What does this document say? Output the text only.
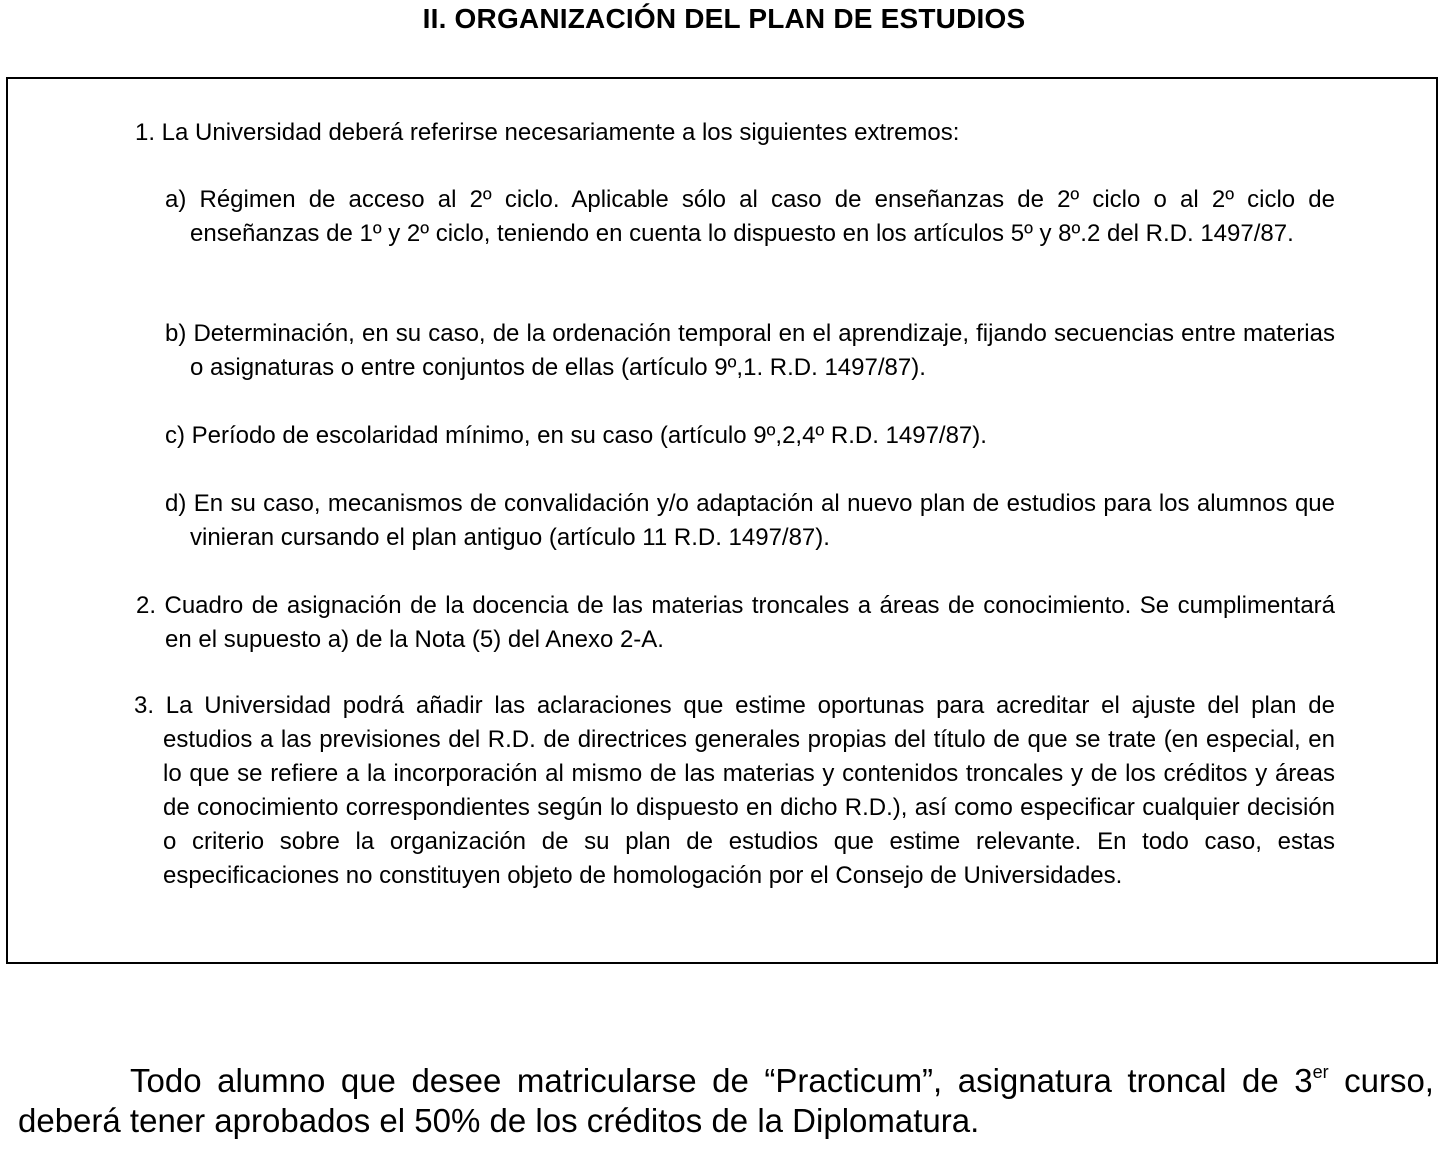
II. ORGANIZACIÓN DEL PLAN DE ESTUDIOS
1. La Universidad deberá referirse necesariamente a los siguientes extremos:
a) Régimen de acceso al 2º ciclo. Aplicable sólo al caso de enseñanzas de 2º ciclo o al 2º ciclo de enseñanzas de 1º y 2º ciclo, teniendo en cuenta lo dispuesto en los artículos 5º y 8º.2 del R.D. 1497/87.
b) Determinación, en su caso, de la ordenación temporal en el aprendizaje, fijando secuencias entre materias o asignaturas o entre conjuntos de ellas (artículo 9º,1. R.D. 1497/87).
c) Período de escolaridad mínimo, en su caso (artículo 9º,2,4º R.D. 1497/87).
d) En su caso, mecanismos de convalidación y/o adaptación al nuevo plan de estudios para los alumnos que vinieran cursando el plan antiguo (artículo 11 R.D. 1497/87).
2. Cuadro de asignación de la docencia de las materias troncales a áreas de conocimiento. Se cumplimentará en el supuesto a) de la Nota (5) del Anexo 2-A.
3. La Universidad podrá añadir las aclaraciones que estime oportunas para acreditar el ajuste del plan de estudios a las previsiones del R.D. de directrices generales propias del título de que se trate (en especial, en lo que se refiere a la incorporación al mismo de las materias y contenidos troncales y de los créditos y áreas de conocimiento correspondientes según lo dispuesto en dicho R.D.), así como especificar cualquier decisión o criterio sobre la organización de su plan de estudios que estime relevante. En todo caso, estas especificaciones no constituyen objeto de homologación por el Consejo de Universidades.
Todo alumno que desee matricularse de “Practicum”, asignatura troncal de 3er curso, deberá tener aprobados el 50% de los créditos de la Diplomatura.
